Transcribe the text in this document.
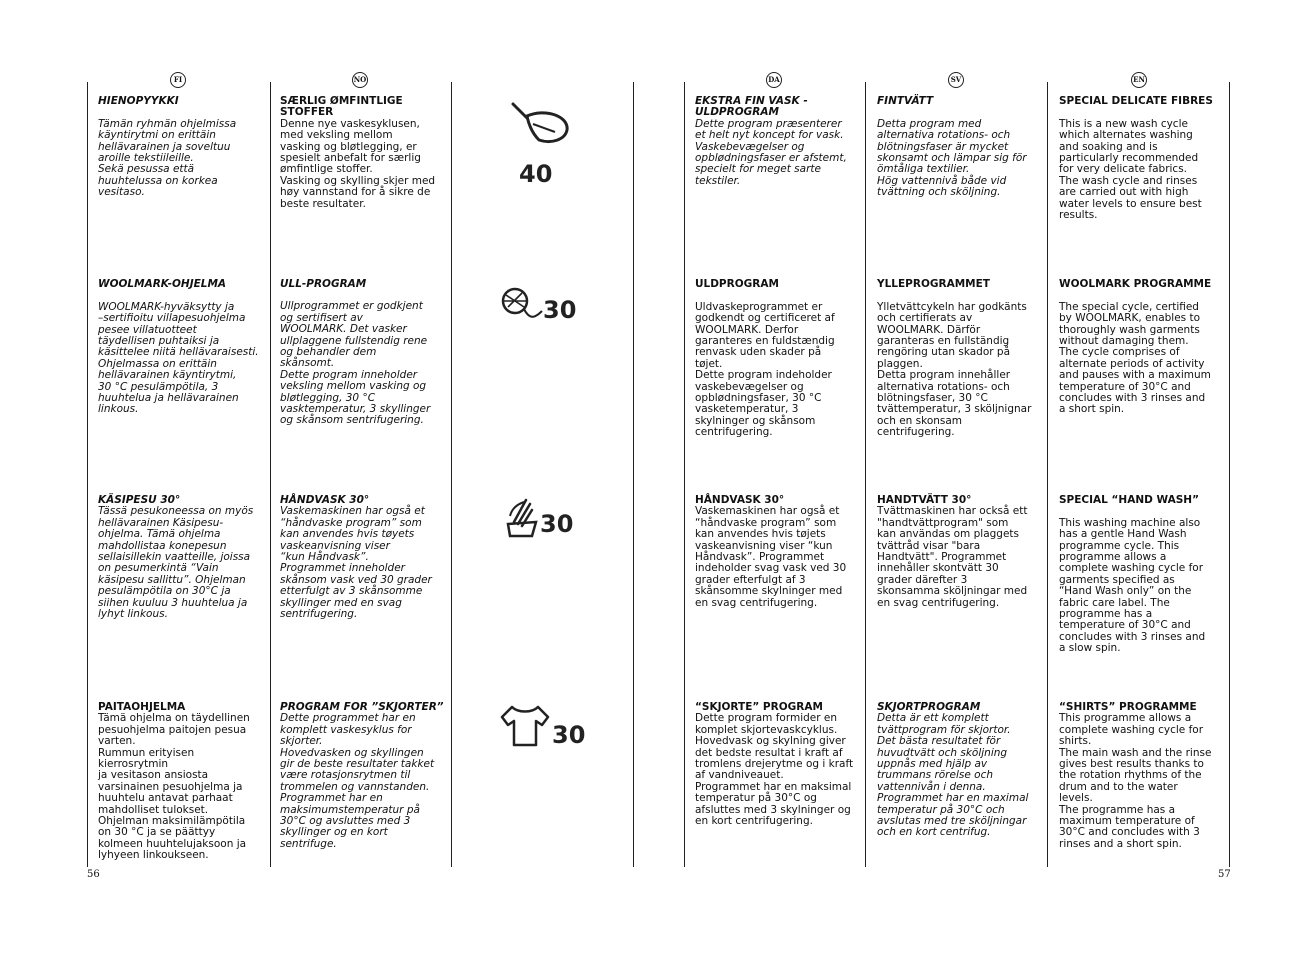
FI	NO	DA	SV	EN

HIENOPYYKKI

Tämän ryhmän ohjelmissa
käyntirytmi on erittäin
hellävarainen ja soveltuu
aroille tekstiileille.
Sekä pesussa että
huuhtelussa on korkea
vesitaso.

WOOLMARK-OHJELMA

WOOLMARK-hyväksytty ja
–sertifioitu villapesuohjelma
pesee villatuotteet
täydellisen puhtaiksi ja
käsittelee niitä hellävaraisesti.
Ohjelmassa on erittäin
hellävarainen käyntirytmi,
30 °C pesulämpötila, 3
huuhtelua ja hellävarainen
linkous.

KÄSIPESU 30°

Tässä pesukoneessa on myös
hellävarainen Käsipesu-
ohjelma. Tämä ohjelma
mahdollistaa konepesun
sellaisillekin vaatteille, joissa
on pesumerkintä “Vain
käsipesu sallittu”. Ohjelman
pesulämpötila on 30°C ja
siihen kuuluu 3 huuhtelua ja
lyhyt linkous.

PAITAOHJELMA

Tämä ohjelma on täydellinen
pesuohjelma paitojen pesua
varten.
Rummun erityisen kierrosrytmin
ja vesitason ansiosta
varsinainen pesuohjelma ja
huuhtelu antavat parhaat
mahdolliset tulokset.
Ohjelman maksimilämpötila
on 30 °C ja se päättyy
kolmeen huuhtelujaksoon ja
lyhyeen linkoukseen.

SÆRLIG ØMFINTLIGE STOFFER

Denne nye vaskesyklusen,
med veksling mellom
vasking og bløtlegging, er
spesielt anbefalt for særlig
ømfintlige stoffer.
Vasking og skylling skjer med
høy vannstand for å sikre de
beste resultater.

ULL-PROGRAM

Ullprogrammet er godkjent
og sertifisert av
WOOLMARK. Det vasker
ullplaggene fullstendig rene
og behandler dem
skånsomt.
Dette program inneholder
veksling mellom vasking og
bløtlegging, 30 °C
vasktemperatur, 3 skyllinger
og skånsom sentrifugering.

HÅNDVASK 30°

Vaskemaskinen har også et
“håndvaske program” som
kan anvendes hvis tøyets
vaskeanvisning viser
“kun Håndvask”.
Programmet inneholder
skånsom vask ved 30 grader
etterfulgt av 3 skånsomme
skyllinger med en svag
sentrifugering.

PROGRAM FOR ”SKJORTER”

Dette programmet har en
komplett vaskesyklus for
skjorter.
Hovedvasken og skyllingen
gir de beste resultater takket
være rotasjonsrytmen til
trommelen og vannstanden.
Programmet har en
maksimumstemperatur på
30°C og avsluttes med 3
skyllinger og en kort
sentrifuge.

40
30
30
30

EKSTRA FIN VASK -
ULDPROGRAM

Dette program præsenterer
et helt nyt koncept for vask.
Vaskebevægelser og
opblødningsfaser er afstemt,
specielt for meget sarte
tekstiler.

ULDPROGRAM

Uldvaskeprogrammet er
godkendt og certificeret af
WOOLMARK. Derfor
garanteres en fuldstændig
renvask uden skader på
tøjet.
Dette program indeholder
vaskebevægelser og
opblødningsfaser, 30 °C
vasketemperatur, 3
skylninger og skånsom
centrifugering.

HÅNDVASK 30°

Vaskemaskinen har også et
“håndvaske program” som
kan anvendes hvis tøjets
vaskeanvisning viser “kun
Håndvask”. Programmet
indeholder svag vask ved 30
grader efterfulgt af 3
skånsomme skylninger med
en svag centrifugering.

“SKJORTE” PROGRAM

Dette program formider en
komplet skjortevaskcyklus.
Hovedvask og skylning giver
det bedste resultat i kraft af
tromlens drejerytme og i kraft
af vandniveauet.
Programmet har en maksimal
temperatur på 30°C og
afsluttes med 3 skylninger og
en kort centrifugering.

FINTVÄTT

Detta program med
alternativa rotations- och
blötningsfaser är mycket
skonsamt och lämpar sig för
ömtåliga textilier.
Hög vattennivå både vid
tvättning och sköljning.

YLLEPROGRAMMET

Ylletvättcykeln har godkänts
och certifierats av
WOOLMARK. Därför
garanteras en fullständig
rengöring utan skador på
plaggen.
Detta program innehåller
alternativa rotations- och
blötningsfaser, 30 °C
tvättemperatur, 3 sköljnignar
och en skonsam
centrifugering.

HANDTVÄTT 30°

Tvättmaskinen har också ett
"handtvättprogram" som
kan användas om plaggets
tvättråd visar "bara
Handtvätt". Programmet
innehåller skontvätt 30
grader därefter 3
skonsamma sköljningar med
en svag centrifugering.

SKJORTPROGRAM

Detta är ett komplett
tvättprogram för skjortor.
Det bästa resultatet för
huvudtvätt och sköljning
uppnås med hjälp av
trummans rörelse och
vattennivån i denna.
Programmet har en maximal
temperatur på 30°C och
avslutas med tre sköljningar
och en kort centrifug.

SPECIAL DELICATE FIBRES

This is a new wash cycle
which alternates washing
and soaking and is
particularly recommended
for very delicate fabrics.
The wash cycle and rinses
are carried out with high
water levels to ensure best
results.

WOOLMARK PROGRAMME

The special cycle, certified
by WOOLMARK, enables to
thoroughly wash garments
without damaging them.
The cycle comprises of
alternate periods of activity
and pauses with a maximum
temperature of 30°C and
concludes with 3 rinses and
a short spin.

SPECIAL “HAND WASH”

This washing machine also
has a gentle Hand Wash
programme cycle. This
programme allows a
complete washing cycle for
garments specified as
“Hand Wash only” on the
fabric care label. The
programme has a
temperature of 30°C and
concludes with 3 rinses and
a slow spin.

“SHIRTS” PROGRAMME

This programme allows a
complete washing cycle for
shirts.
The main wash and the rinse
gives best results thanks to
the rotation rhythms of the
drum and to the water
levels.
The programme has a
maximum temperature of
30°C and concludes with 3
rinses and a short spin.

56	57
